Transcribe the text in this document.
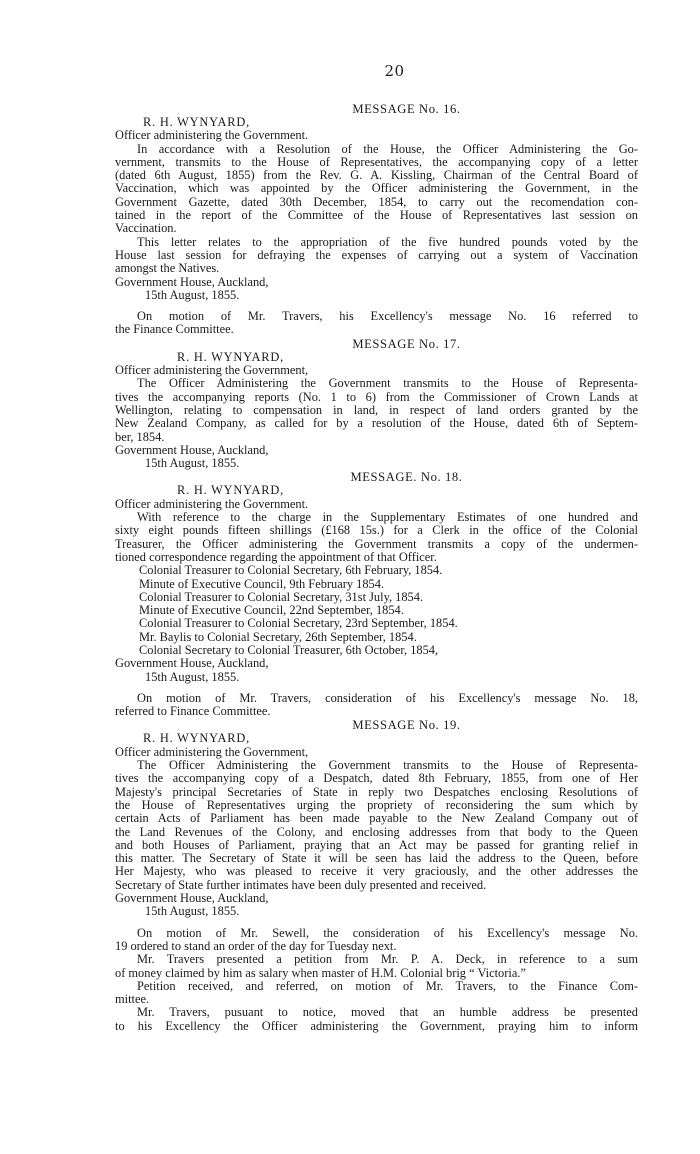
20
MESSAGE No. 16.
R. H. WYNYARD,
Officer administering the Government.
In accordance with a Resolution of the House, the Officer Administering the Go-
vernment, transmits to the House of Representatives, the accompanying copy of a letter
(dated 6th August, 1855) from the Rev. G. A. Kissling, Chairman of the Central Board of
Vaccination, which was appointed by the Officer administering the Government, in the
Government Gazette, dated 30th December, 1854, to carry out the recomendation con-
tained in the report of the Committee of the House of Representatives last session on
Vaccination.
This letter relates to the appropriation of the five hundred pounds voted by the
House last session for defraying the expenses of carrying out a system of Vaccination
amongst the Natives.
Government House, Auckland,
15th August, 1855.
On motion of Mr. Travers, his Excellency's message No. 16 referred to
the Finance Committee.
MESSAGE No. 17.
R. H. WYNYARD,
Officer administering the Government,
The Officer Administering the Government transmits to the House of Representa-
tives the accompanying reports (No. 1 to 6) from the Commissioner of Crown Lands at
Wellington, relating to compensation in land, in respect of land orders granted by the
New Zealand Company, as called for by a resolution of the House, dated 6th of Septem-
ber, 1854.
Government House, Auckland,
15th August, 1855.
MESSAGE. No. 18.
R. H. WYNYARD,
Officer administering the Government.
With reference to the charge in the Supplementary Estimates of one hundred and
sixty eight pounds fifteen shillings (£168 15s.) for a Clerk in the office of the Colonial
Treasurer, the Officer administering the Government transmits a copy of the undermen-
tioned correspondence regarding the appointment of that Officer.
Colonial Treasurer to Colonial Secretary, 6th February, 1854.
Minute of Executive Council, 9th February 1854.
Colonial Treasurer to Colonial Secretary, 31st July, 1854.
Minute of Executive Council, 22nd September, 1854.
Colonial Treasurer to Colonial Secretary, 23rd September, 1854.
Mr. Baylis to Colonial Secretary, 26th September, 1854.
Colonial Secretary to Colonial Treasurer, 6th October, 1854,
Government House, Auckland,
15th August, 1855.
On motion of Mr. Travers, consideration of his Excellency's message No. 18,
referred to Finance Committee.
MESSAGE No. 19.
R. H. WYNYARD,
Officer administering the Government,
The Officer Administering the Government transmits to the House of Representa-
tives the accompanying copy of a Despatch, dated 8th February, 1855, from one of Her
Majesty's principal Secretaries of State in reply two Despatches enclosing Resolutions of
the House of Representatives urging the propriety of reconsidering the sum which by
certain Acts of Parliament has been made payable to the New Zealand Company out of
the Land Revenues of the Colony, and enclosing addresses from that body to the Queen
and both Houses of Parliament, praying that an Act may be passed for granting relief in
this matter. The Secretary of State it will be seen has laid the address to the Queen, before
Her Majesty, who was pleased to receive it very graciously, and the other addresses the
Secretary of State further intimates have been duly presented and received.
Government House, Auckland,
15th August, 1855.
On motion of Mr. Sewell, the consideration of his Excellency's message No.
19 ordered to stand an order of the day for Tuesday next.
Mr. Travers presented a petition from Mr. P. A. Deck, in reference to a sum
of money claimed by him as salary when master of H.M. Colonial brig “ Victoria.”
Petition received, and referred, on motion of Mr. Travers, to the Finance Com-
mittee.
Mr. Travers, pusuant to notice, moved that an humble address be presented
to his Excellency the Officer administering the Government, praying him to inform
